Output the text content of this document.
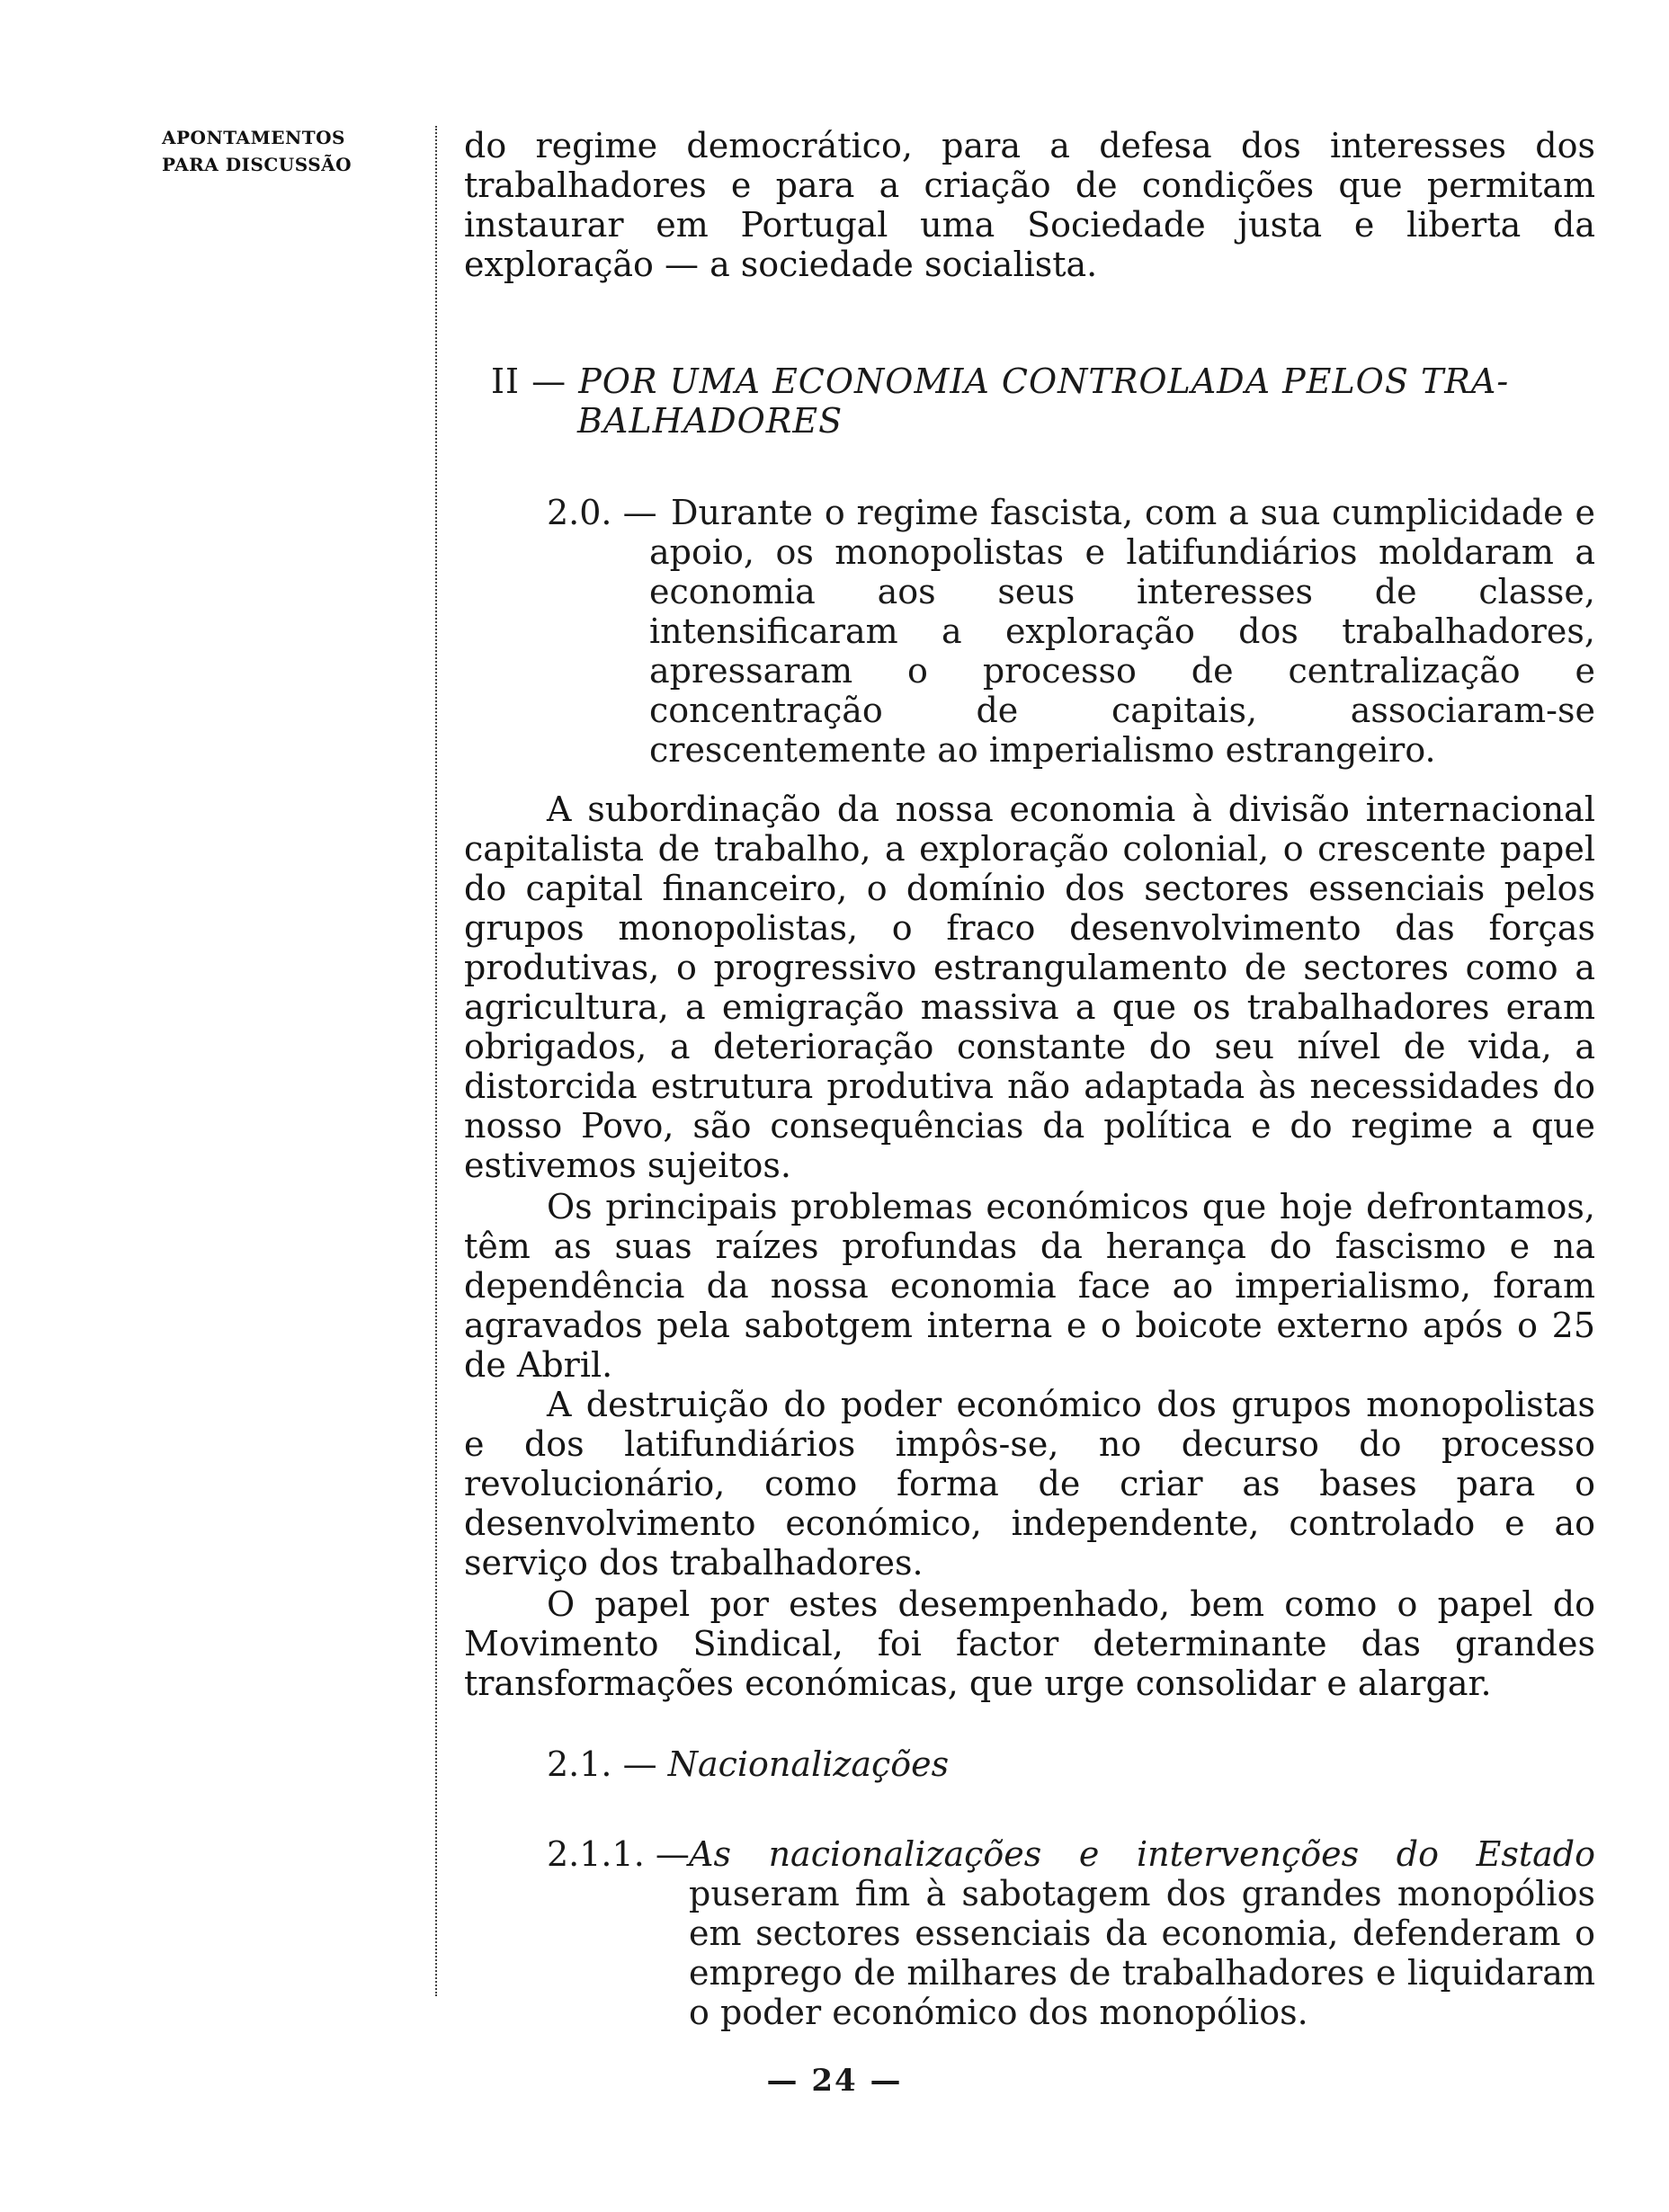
APONTAMENTOS
PARA DISCUSSÃO	do regime democrático, para a defesa dos interesses dos trabalhadores e para a criação de condições que permitam instaurar em Portugal uma Sociedade justa e liberta da exploração — a sociedade socialista.

II — POR UMA ECONOMIA CONTROLADA PELOS TRA-
BALHADORES
2.0. — Durante o regime fascista, com a sua cumplicidade e apoio, os monopolistas e latifundiários moldaram a economia aos seus interesses de classe, intensificaram a exploração dos trabalhadores, apressaram o processo de centralização e concentração de capitais, associaram-se crescentemente ao imperialismo estrangeiro.

A subordinação da nossa economia à divisão internacional capitalista de trabalho, a exploração colonial, o crescente papel do capital financeiro, o domínio dos sectores essenciais pelos grupos monopolistas, o fraco desenvolvimento das forças produtivas, o progressivo estrangulamento de sectores como a agricultura, a emigração massiva a que os trabalhadores eram obrigados, a deterioração constante do seu nível de vida, a distorcida estrutura produtiva não adaptada às necessidades do nosso Povo, são consequências da política e do regime a que estivemos sujeitos.

Os principais problemas económicos que hoje defrontamos, têm as suas raízes profundas da herança do fascismo e na dependência da nossa economia face ao imperialismo, foram agravados pela sabotgem interna e o boicote externo após o 25 de Abril.

A destruição do poder económico dos grupos monopolistas e dos latifundiários impôs-se, no decurso do processo revolucionário, como forma de criar as bases para o desenvolvimento económico, independente, controlado e ao serviço dos trabalhadores.

O papel por estes desempenhado, bem como o papel do Movimento Sindical, foi factor determinante das grandes transformações económicas, que urge consolidar e alargar.

2.1. — Nacionalizações
2.1.1. — As nacionalizações e intervenções do Estado puseram fim à sabotagem dos grandes monopólios em sectores essenciais da economia, defenderam o emprego de milhares de trabalhadores e liquidaram o poder económico dos monopólios.

— 24 —
